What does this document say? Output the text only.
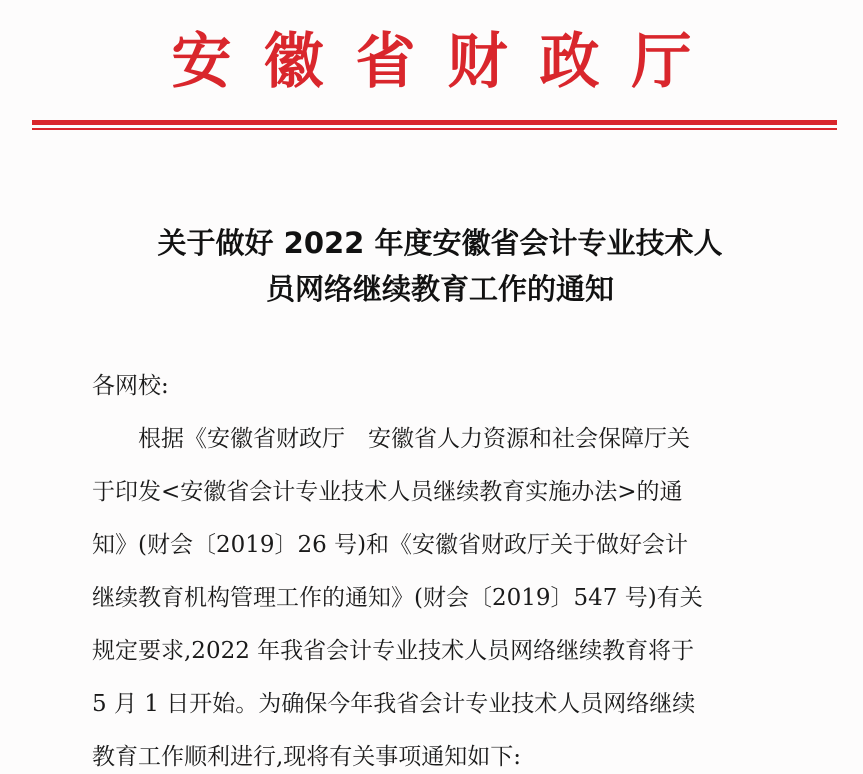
安徽省财政厅
关于做好 2022 年度安徽省会计专业技术人
员网络继续教育工作的通知
各网校:
根据《安徽省财政厅　安徽省人力资源和社会保障厅关
于印发<安徽省会计专业技术人员继续教育实施办法>的通
知》(财会〔2019〕26 号)和《安徽省财政厅关于做好会计
继续教育机构管理工作的通知》(财会〔2019〕547 号)有关
规定要求,2022 年我省会计专业技术人员网络继续教育将于
5 月 1 日开始。为确保今年我省会计专业技术人员网络继续
教育工作顺利进行,现将有关事项通知如下:
